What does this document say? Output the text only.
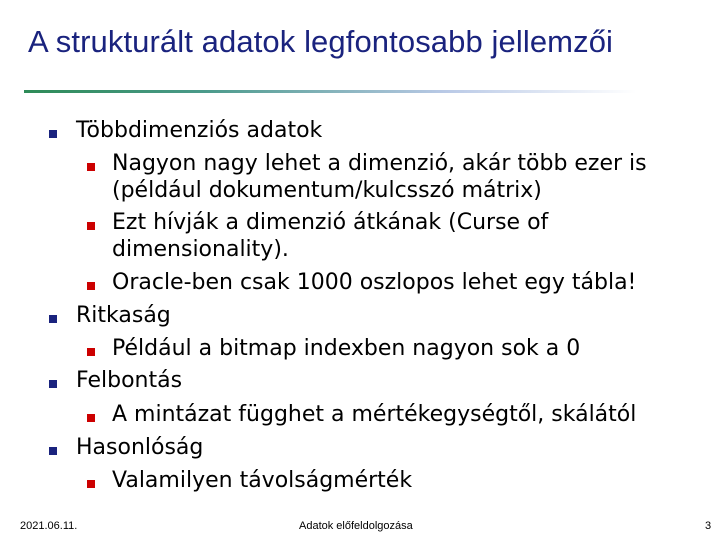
A strukturált adatok legfontosabb jellemzői
Többdimenziós adatok
Nagyon nagy lehet a dimenzió, akár több ezer is
(például dokumentum/kulcsszó mátrix)
Ezt hívják a dimenzió átkának (Curse of
dimensionality).
Oracle-ben csak 1000 oszlopos lehet egy tábla!
Ritkaság
Például a bitmap indexben nagyon sok a 0
Felbontás
A mintázat függhet a mértékegységtől, skálától
Hasonlóság
Valamilyen távolságmérték
2021.06.11.	Adatok előfeldolgozása	3
